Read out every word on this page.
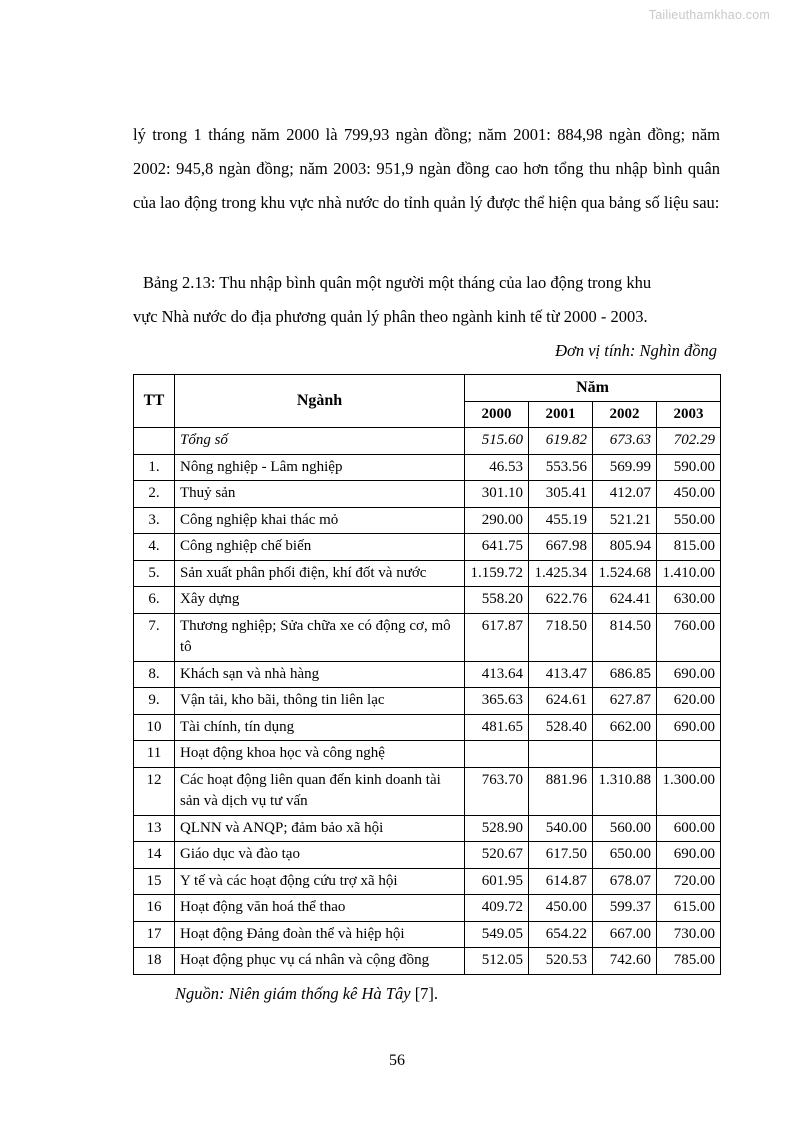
Tailieuthamkhao.com

lý trong 1 tháng năm 2000 là 799,93 ngàn đồng; năm 2001: 884,98 ngàn đồng; năm 2002: 945,8 ngàn đồng; năm 2003: 951,9 ngàn đồng cao hơn tổng thu nhập bình quân của lao động trong khu vực nhà nước do tỉnh quản lý được thể hiện qua bảng số liệu sau:

Bảng 2.13: Thu nhập bình quân một người một tháng của lao động trong khu
vực Nhà nước do địa phương quản lý phân theo ngành kinh tế từ 2000 - 2003.
Đơn vị tính: Nghìn đồng
TT	Ngành	Năm			
		2000	2001	2002	2003
	Tổng số	515.60	619.82	673.63	702.29
1.	Nông nghiệp - Lâm nghiệp	46.53	553.56	569.99	590.00
2.	Thuỷ sản	301.10	305.41	412.07	450.00
3.	Công nghiệp khai thác mỏ	290.00	455.19	521.21	550.00
4.	Công nghiệp chế biến	641.75	667.98	805.94	815.00
5.	Sản xuất phân phối điện, khí đốt và nước	1.159.72	1.425.34	1.524.68	1.410.00
6.	Xây dựng	558.20	622.76	624.41	630.00
7.	Thương nghiệp; Sửa chữa xe có động cơ, mô tô	617.87	718.50	814.50	760.00
8.	Khách sạn và nhà hàng	413.64	413.47	686.85	690.00
9.	Vận tải, kho bãi, thông tin liên lạc	365.63	624.61	627.87	620.00
10	Tài chính, tín dụng	481.65	528.40	662.00	690.00
11	Hoạt động khoa học và công nghệ				
12	Các hoạt động liên quan đến kinh doanh tài sản và dịch vụ tư vấn	763.70	881.96	1.310.88	1.300.00
13	QLNN và ANQP; đảm bảo xã hội	528.90	540.00	560.00	600.00
14	Giáo dục và đào tạo	520.67	617.50	650.00	690.00
15	Y tế và các hoạt động cứu trợ xã hội	601.95	614.87	678.07	720.00
16	Hoạt động văn hoá thể thao	409.72	450.00	599.37	615.00
17	Hoạt động Đảng đoàn thể và hiệp hội	549.05	654.22	667.00	730.00
18	Hoạt động phục vụ cá nhân và cộng đồng	512.05	520.53	742.60	785.00
Nguồn: Niên giám thống kê Hà Tây [7].
56
